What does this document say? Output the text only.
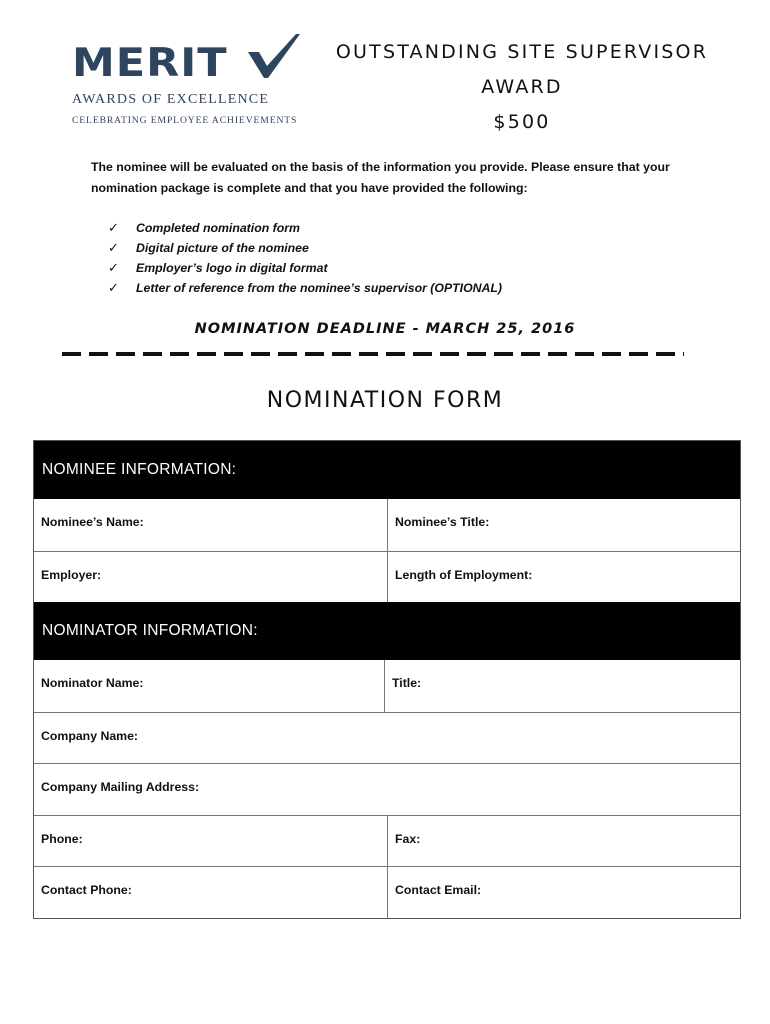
MERIT
AWARDS OF EXCELLENCE
CELEBRATING EMPLOYEE ACHIEVEMENTS
OUTSTANDING SITE SUPERVISOR
AWARD
$500
The nominee will be evaluated on the basis of the information you provide. Please ensure that your nomination package is complete and that you have provided the following:
✓ Completed nomination form
✓ Digital picture of the nominee
✓ Employer’s logo in digital format
✓ Letter of reference from the nominee’s supervisor (OPTIONAL)
NOMINATION DEADLINE - MARCH 25, 2016
NOMINATION FORM
NOMINEE INFORMATION:
Nominee’s Name:	Nominee’s Title:
Employer:	Length of Employment:
NOMINATOR INFORMATION:
Nominator Name:	Title:
Company Name:
Company Mailing Address:
Phone:	Fax:
Contact Phone:	Contact Email:
